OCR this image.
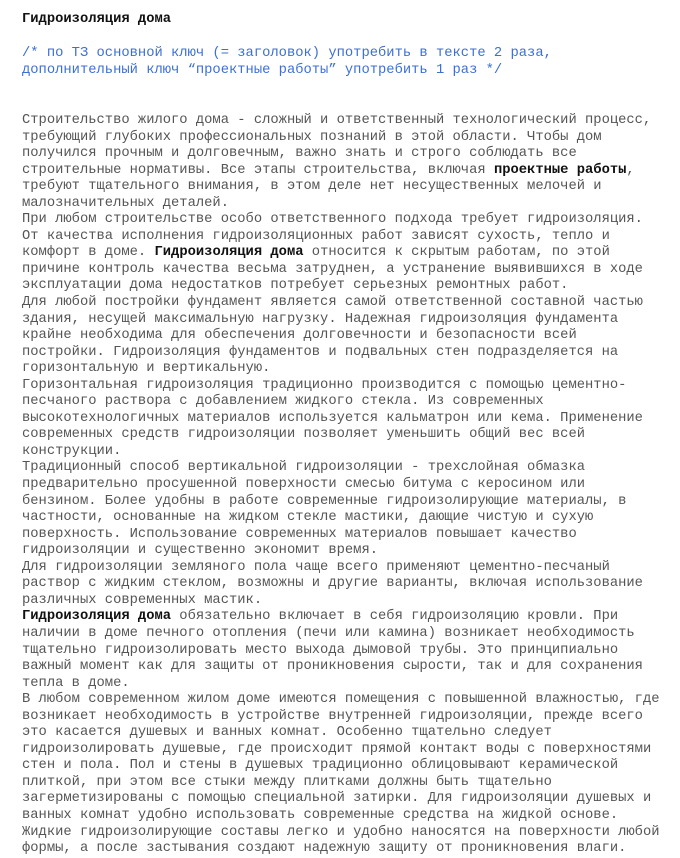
Гидроизоляция дома
/* по ТЗ основной ключ (= заголовок) употребить в тексте 2 раза,
дополнительный ключ “проектные работы” употребить 1 раз */
Строительство жилого дома - сложный и ответственный технологический процесс,
требующий глубоких профессиональных познаний в этой области. Чтобы дом
получился прочным и долговечным, важно знать и строго соблюдать все
строительные нормативы. Все этапы строительства, включая проектные работы,
требуют тщательного внимания, в этом деле нет несущественных мелочей и
малозначительных деталей.
При любом строительстве особо ответственного подхода требует гидроизоляция.
От качества исполнения гидроизоляционных работ зависят сухость, тепло и
комфорт в доме. Гидроизоляция дома относится к скрытым работам, по этой
причине контроль качества весьма затруднен, а устранение выявившихся в ходе
эксплуатации дома недостатков потребует серьезных ремонтных работ.
Для любой постройки фундамент является самой ответственной составной частью
здания, несущей максимальную нагрузку. Надежная гидроизоляция фундамента
крайне необходима для обеспечения долговечности и безопасности всей
постройки. Гидроизоляция фундаментов и подвальных стен подразделяется на
горизонтальную и вертикальную.
Горизонтальная гидроизоляция традиционно производится с помощью цементно-
песчаного раствора с добавлением жидкого стекла. Из современных
высокотехнологичных материалов используется кальматрон или кема. Применение
современных средств гидроизоляции позволяет уменьшить общий вес всей
конструкции.
Традиционный способ вертикальной гидроизоляции - трехслойная обмазка
предварительно просушенной поверхности смесью битума с керосином или
бензином. Более удобны в работе современные гидроизолирующие материалы, в
частности, основанные на жидком стекле мастики, дающие чистую и сухую
поверхность. Использование современных материалов повышает качество
гидроизоляции и существенно экономит время.
Для гидроизоляции земляного пола чаще всего применяют цементно-песчаный
раствор с жидким стеклом, возможны и другие варианты, включая использование
различных современных мастик.
Гидроизоляция дома обязательно включает в себя гидроизоляцию кровли. При
наличии в доме печного отопления (печи или камина) возникает необходимость
тщательно гидроизолировать место выхода дымовой трубы. Это принципиально
важный момент как для защиты от проникновения сырости, так и для сохранения
тепла в доме.
В любом современном жилом доме имеются помещения с повышенной влажностью, где
возникает необходимость в устройстве внутренней гидроизоляции, прежде всего
это касается душевых и ванных комнат. Особенно тщательно следует
гидроизолировать душевые, где происходит прямой контакт воды с поверхностями
стен и пола. Пол и стены в душевых традиционно облицовывают керамической
плиткой, при этом все стыки между плитками должны быть тщательно
загерметизированы с помощью специальной затирки. Для гидроизоляции душевых и
ванных комнат удобно использовать современные средства на жидкой основе.
Жидкие гидроизолирующие составы легко и удобно наносятся на поверхности любой
формы, а после застывания создают надежную защиту от проникновения влаги.
